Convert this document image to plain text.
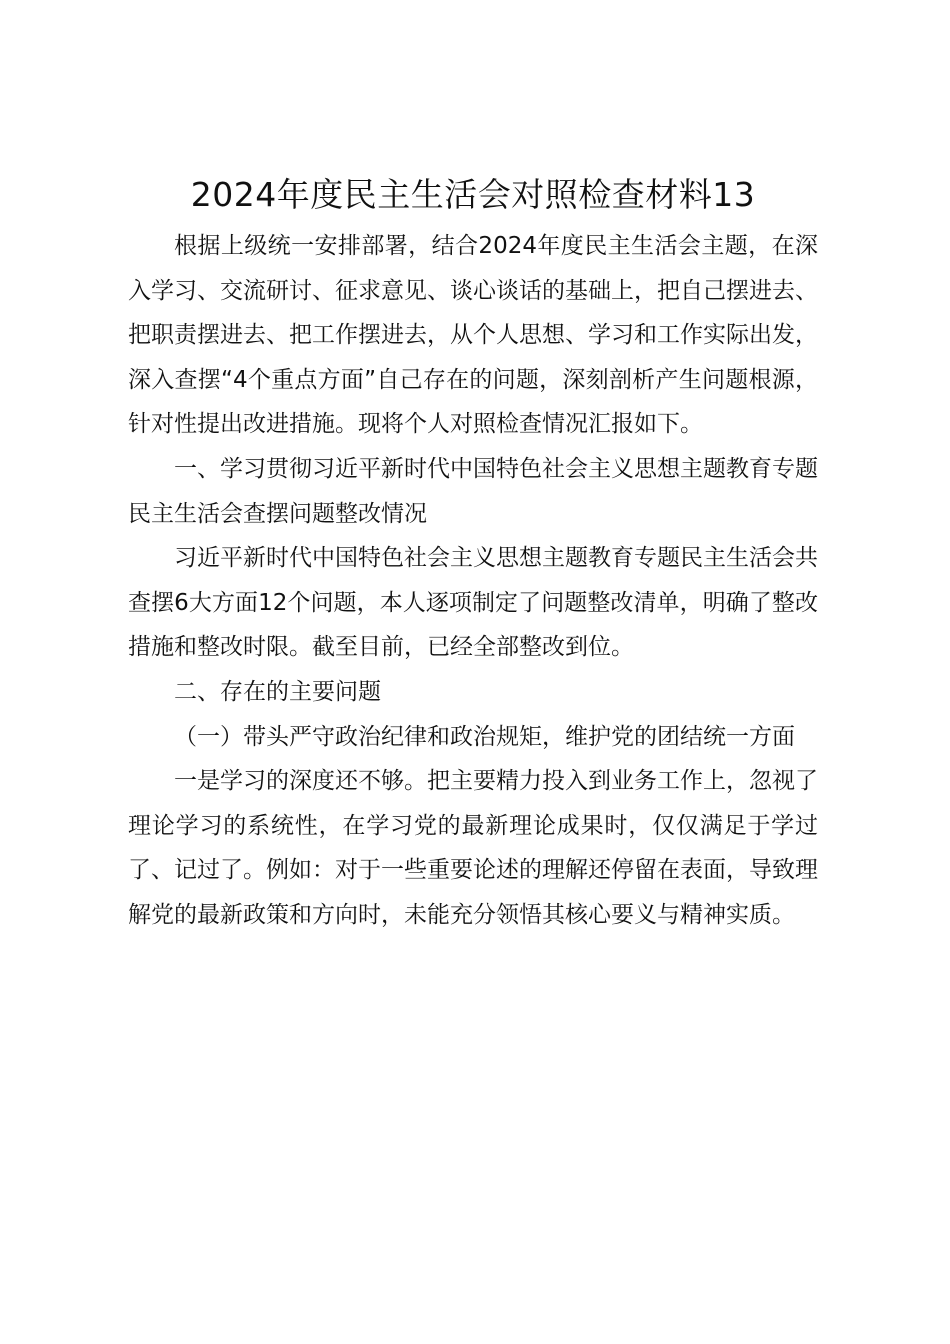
2024年度民主生活会对照检查材料13

根据上级统一安排部署，结合2024年度民主生活会主题，在深入学习、交流研讨、征求意见、谈心谈话的基础上，把自己摆进去、把职责摆进去、把工作摆进去，从个人思想、学习和工作实际出发，深入查摆“4个重点方面”自己存在的问题，深刻剖析产生问题根源，针对性提出改进措施。现将个人对照检查情况汇报如下。

一、学习贯彻习近平新时代中国特色社会主义思想主题教育专题民主生活会查摆问题整改情况

习近平新时代中国特色社会主义思想主题教育专题民主生活会共查摆6大方面12个问题，本人逐项制定了问题整改清单，明确了整改措施和整改时限。截至目前，已经全部整改到位。

二、存在的主要问题

（一）带头严守政治纪律和政治规矩，维护党的团结统一方面

一是学习的深度还不够。把主要精力投入到业务工作上，忽视了理论学习的系统性，在学习党的最新理论成果时，仅仅满足于学过了、记过了。例如：对于一些重要论述的理解还停留在表面，导致理解党的最新政策和方向时，未能充分领悟其核心要义与精神实质。
